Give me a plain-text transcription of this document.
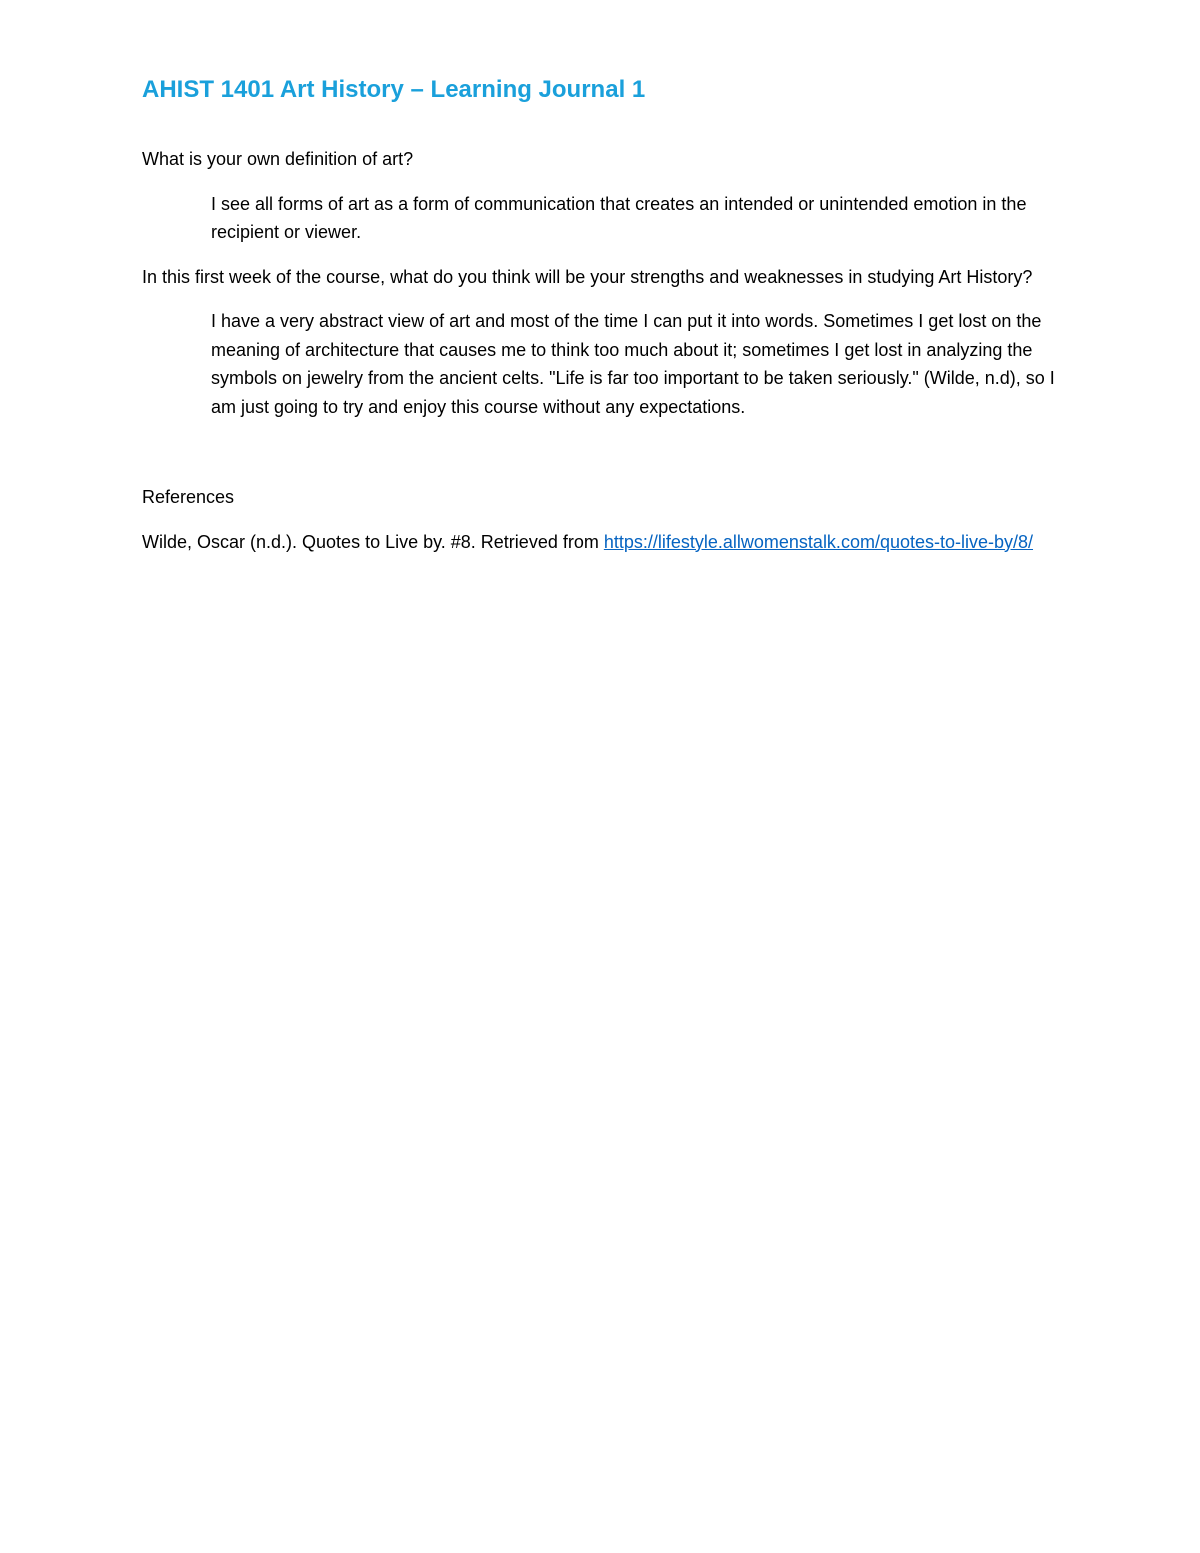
AHIST 1401 Art History – Learning Journal 1

What is your own definition of art?

I see all forms of art as a form of communication that creates an intended or unintended emotion in the recipient or viewer.

In this first week of the course, what do you think will be your strengths and weaknesses in studying Art History?

I have a very abstract view of art and most of the time I can put it into words. Sometimes I get lost on the meaning of architecture that causes me to think too much about it; sometimes I get lost in analyzing the symbols on jewelry from the ancient celts. "Life is far too important to be taken seriously." (Wilde, n.d), so I am just going to try and enjoy this course without any expectations.

References

Wilde, Oscar (n.d.). Quotes to Live by. #8. Retrieved from https://lifestyle.allwomenstalk.com/quotes-to-live-by/8/
